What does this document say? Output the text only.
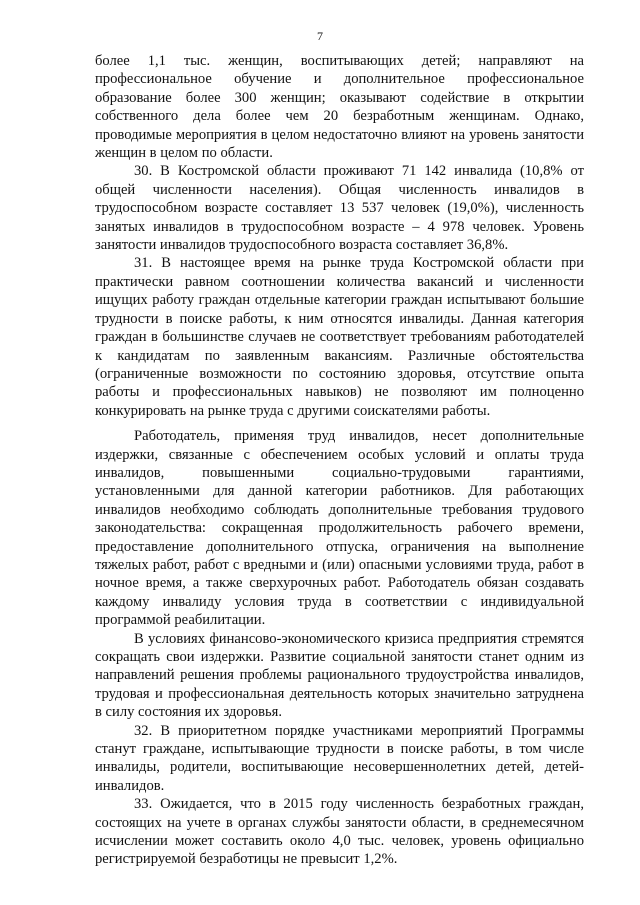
7

более 1,1 тыс. женщин, воспитывающих детей; направляют на профессиональное обучение и дополнительное профессиональное образование более 300 женщин; оказывают содействие в открытии собственного дела более чем 20 безработным женщинам. Однако, проводимые мероприятия в целом недостаточно влияют на уровень занятости женщин в целом по области.

30. В Костромской области проживают 71 142 инвалида (10,8% от общей численности населения). Общая численность инвалидов в трудоспособном возрасте составляет 13 537 человек (19,0%), численность занятых инвалидов в трудоспособном возрасте – 4 978 человек. Уровень занятости инвалидов трудоспособного возраста составляет 36,8%.

31. В настоящее время на рынке труда Костромской области при практически равном соотношении количества вакансий и численности ищущих работу граждан отдельные категории граждан испытывают большие трудности в поиске работы, к ним относятся инвалиды. Данная категория граждан в большинстве случаев не соответствует требованиям работодателей к кандидатам по заявленным вакансиям. Различные обстоятельства (ограниченные возможности по состоянию здоровья, отсутствие опыта работы и профессиональных навыков) не позволяют им полноценно конкурировать на рынке труда с другими соискателями работы.

Работодатель, применяя труд инвалидов, несет дополнительные издержки, связанные с обеспечением особых условий и оплаты труда инвалидов, повышенными социально-трудовыми гарантиями, установленными для данной категории работников. Для работающих инвалидов необходимо соблюдать дополнительные требования трудового законодательства: сокращенная продолжительность рабочего времени, предоставление дополнительного отпуска, ограничения на выполнение тяжелых работ, работ с вредными и (или) опасными условиями труда, работ в ночное время, а также сверхурочных работ. Работодатель обязан создавать каждому инвалиду условия труда в соответствии с индивидуальной программой реабилитации.

В условиях финансово-экономического кризиса предприятия стремятся сокращать свои издержки. Развитие социальной занятости станет одним из направлений решения проблемы рационального трудоустройства инвалидов, трудовая и профессиональная деятельность которых значительно затруднена в силу состояния их здоровья.

32. В приоритетном порядке участниками мероприятий Программы станут граждане, испытывающие трудности в поиске работы, в том числе инвалиды, родители, воспитывающие несовершеннолетних детей, детей-инвалидов.

33. Ожидается, что в 2015 году численность безработных граждан, состоящих на учете в органах службы занятости области, в среднемесячном исчислении может составить около 4,0 тыс. человек, уровень официально регистрируемой безработицы не превысит 1,2%.
